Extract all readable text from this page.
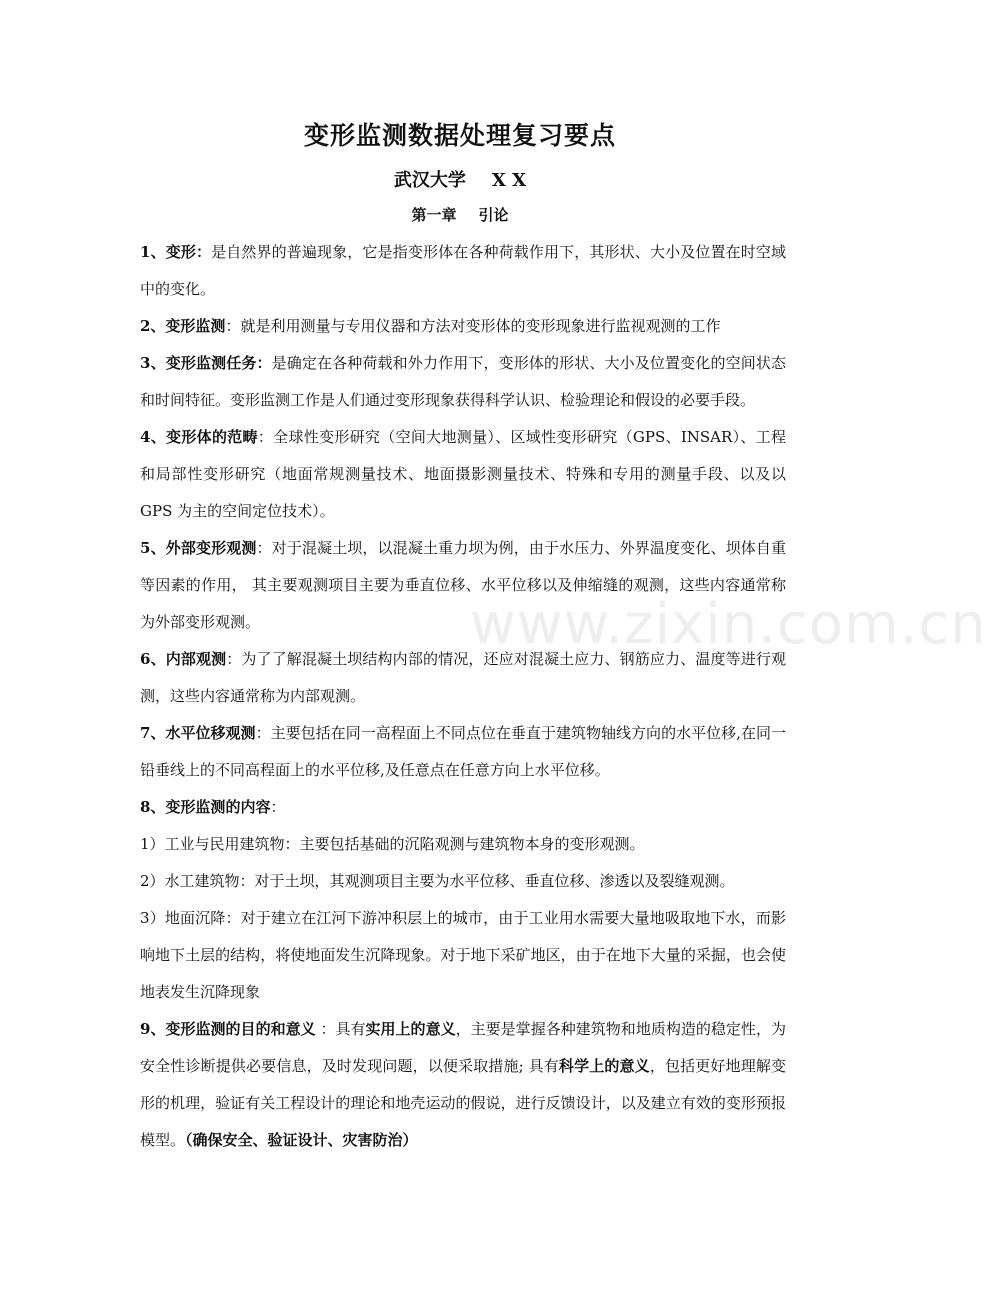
变形监测数据处理复习要点
武汉大学 X X
第一章 引论

1、变形：是自然界的普遍现象，它是指变形体在各种荷载作用下，其形状、大小及位置在时空域中的变化。

2、变形监测：就是利用测量与专用仪器和方法对变形体的变形现象进行监视观测的工作

3、变形监测任务：是确定在各种荷载和外力作用下，变形体的形状、大小及位置变化的空间状态和时间特征。变形监测工作是人们通过变形现象获得科学认识、检验理论和假设的必要手段。

4、变形体的范畴：全球性变形研究（空间大地测量）、区域性变形研究（GPS、INSAR）、工程和局部性变形研究（地面常规测量技术、地面摄影测量技术、特殊和专用的测量手段、以及以 GPS 为主的空间定位技术）。

5、外部变形观测：对于混凝土坝，以混凝土重力坝为例，由于水压力、外界温度变化、坝体自重等因素的作用， 其主要观测项目主要为垂直位移、水平位移以及伸缩缝的观测，这些内容通常称为外部变形观测。

6、内部观测：为了了解混凝土坝结构内部的情况，还应对混凝土应力、钢筋应力、温度等进行观测，这些内容通常称为内部观测。

7、水平位移观测：主要包括在同一高程面上不同点位在垂直于建筑物轴线方向的水平位移,在同一铅垂线上的不同高程面上的水平位移,及任意点在任意方向上水平位移。

8、变形监测的内容：

1）工业与民用建筑物：主要包括基础的沉陷观测与建筑物本身的变形观测。

2）水工建筑物：对于土坝，其观测项目主要为水平位移、垂直位移、渗透以及裂缝观测。

3）地面沉降：对于建立在江河下游冲积层上的城市，由于工业用水需要大量地吸取地下水，而影响地下土层的结构，将使地面发生沉降现象。对于地下采矿地区，由于在地下大量的采掘，也会使地表发生沉降现象

9、变形监测的目的和意义 ：具有实用上的意义，主要是掌握各种建筑物和地质构造的稳定性，为安全性诊断提供必要信息，及时发现问题，以便采取措施; 具有科学上的意义，包括更好地理解变形的机理，验证有关工程设计的理论和地壳运动的假说，进行反馈设计，以及建立有效的变形预报模型。（确保安全、验证设计、灾害防治）

www.zixin.com.cn
